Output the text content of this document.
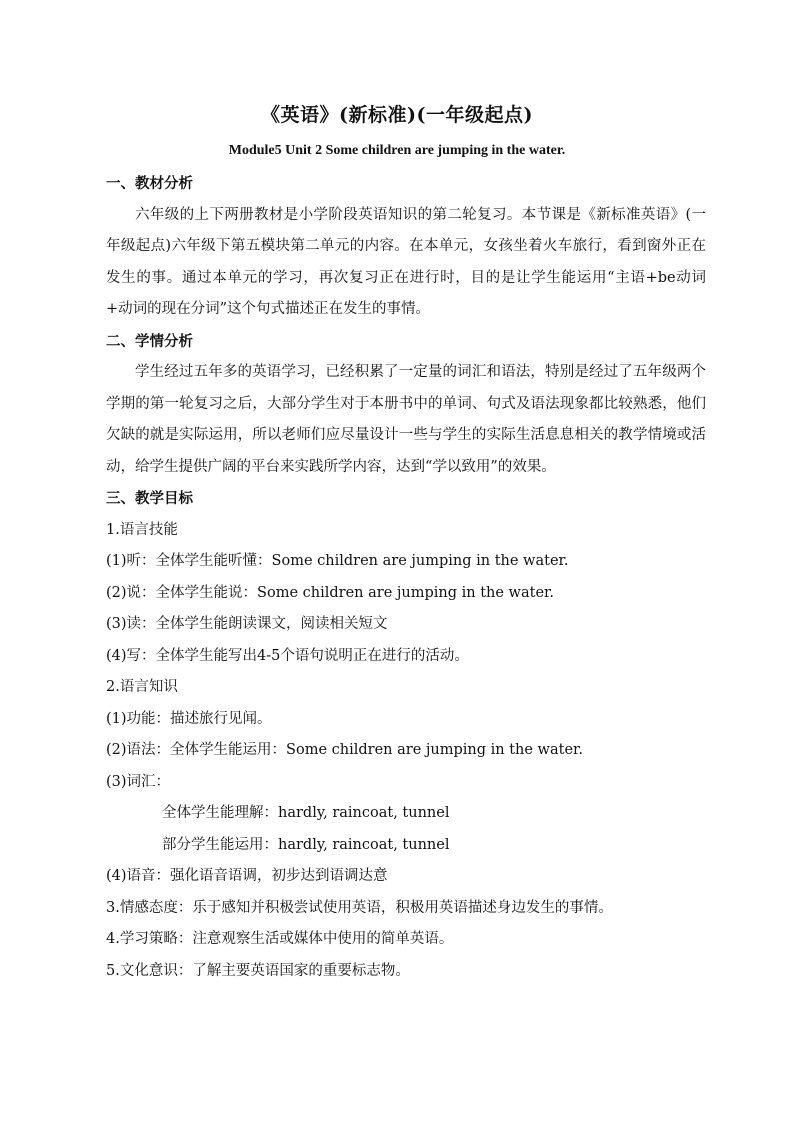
《英语》(新标准)(一年级起点)
Module5 Unit 2 Some children are jumping in the water.
一、教材分析
六年级的上下两册教材是小学阶段英语知识的第二轮复习。本节课是《新标准英语》(一年级起点)六年级下第五模块第二单元的内容。在本单元，女孩坐着火车旅行，看到窗外正在发生的事。通过本单元的学习，再次复习正在进行时，目的是让学生能运用“主语+be动词+动词的现在分词”这个句式描述正在发生的事情。
二、学情分析
学生经过五年多的英语学习，已经积累了一定量的词汇和语法，特别是经过了五年级两个学期的第一轮复习之后，大部分学生对于本册书中的单词、句式及语法现象都比较熟悉，他们欠缺的就是实际运用，所以老师们应尽量设计一些与学生的实际生活息息相关的教学情境或活动，给学生提供广阔的平台来实践所学内容，达到“学以致用”的效果。
三、教学目标
1.语言技能
(1)听：全体学生能听懂：Some children are jumping in the water.
(2)说：全体学生能说：Some children are jumping in the water.
(3)读：全体学生能朗读课文，阅读相关短文
(4)写：全体学生能写出4-5个语句说明正在进行的活动。
2.语言知识
(1)功能：描述旅行见闻。
(2)语法：全体学生能运用：Some children are jumping in the water.
(3)词汇：
全体学生能理解：hardly, raincoat, tunnel
部分学生能运用：hardly, raincoat, tunnel
(4)语音：强化语音语调，初步达到语调达意
3.情感态度：乐于感知并积极尝试使用英语，积极用英语描述身边发生的事情。
4.学习策略：注意观察生活或媒体中使用的简单英语。
5.文化意识：了解主要英语国家的重要标志物。
